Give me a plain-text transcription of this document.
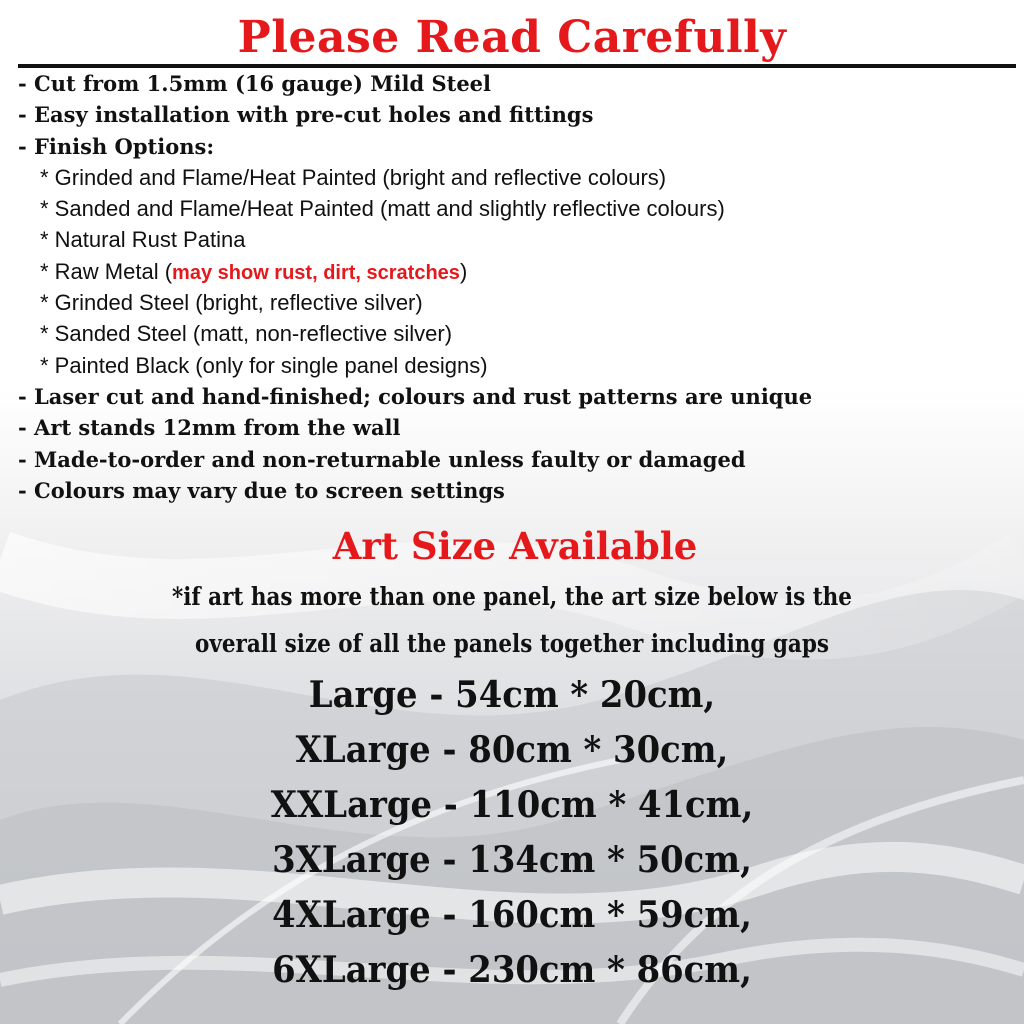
Please Read Carefully
- Cut from 1.5mm (16 gauge) Mild Steel
- Easy installation with pre-cut holes and fittings
- Finish Options:
* Grinded and Flame/Heat Painted (bright and reflective colours)
* Sanded and Flame/Heat Painted (matt and slightly reflective colours)
* Natural Rust Patina
* Raw Metal (may show rust, dirt, scratches)
* Grinded Steel (bright, reflective silver)
* Sanded Steel (matt, non-reflective silver)
* Painted Black (only for single panel designs)
- Laser cut and hand-finished; colours and rust patterns are unique
- Art stands 12mm from the wall
- Made-to-order and non-returnable unless faulty or damaged
- Colours may vary due to screen settings
Art Size Available
*if art has more than one panel, the art size below is the
overall size of all the panels together including gaps
Large - 54cm * 20cm,
XLarge - 80cm * 30cm,
XXLarge - 110cm * 41cm,
3XLarge - 134cm * 50cm,
4XLarge - 160cm * 59cm,
6XLarge - 230cm * 86cm,
